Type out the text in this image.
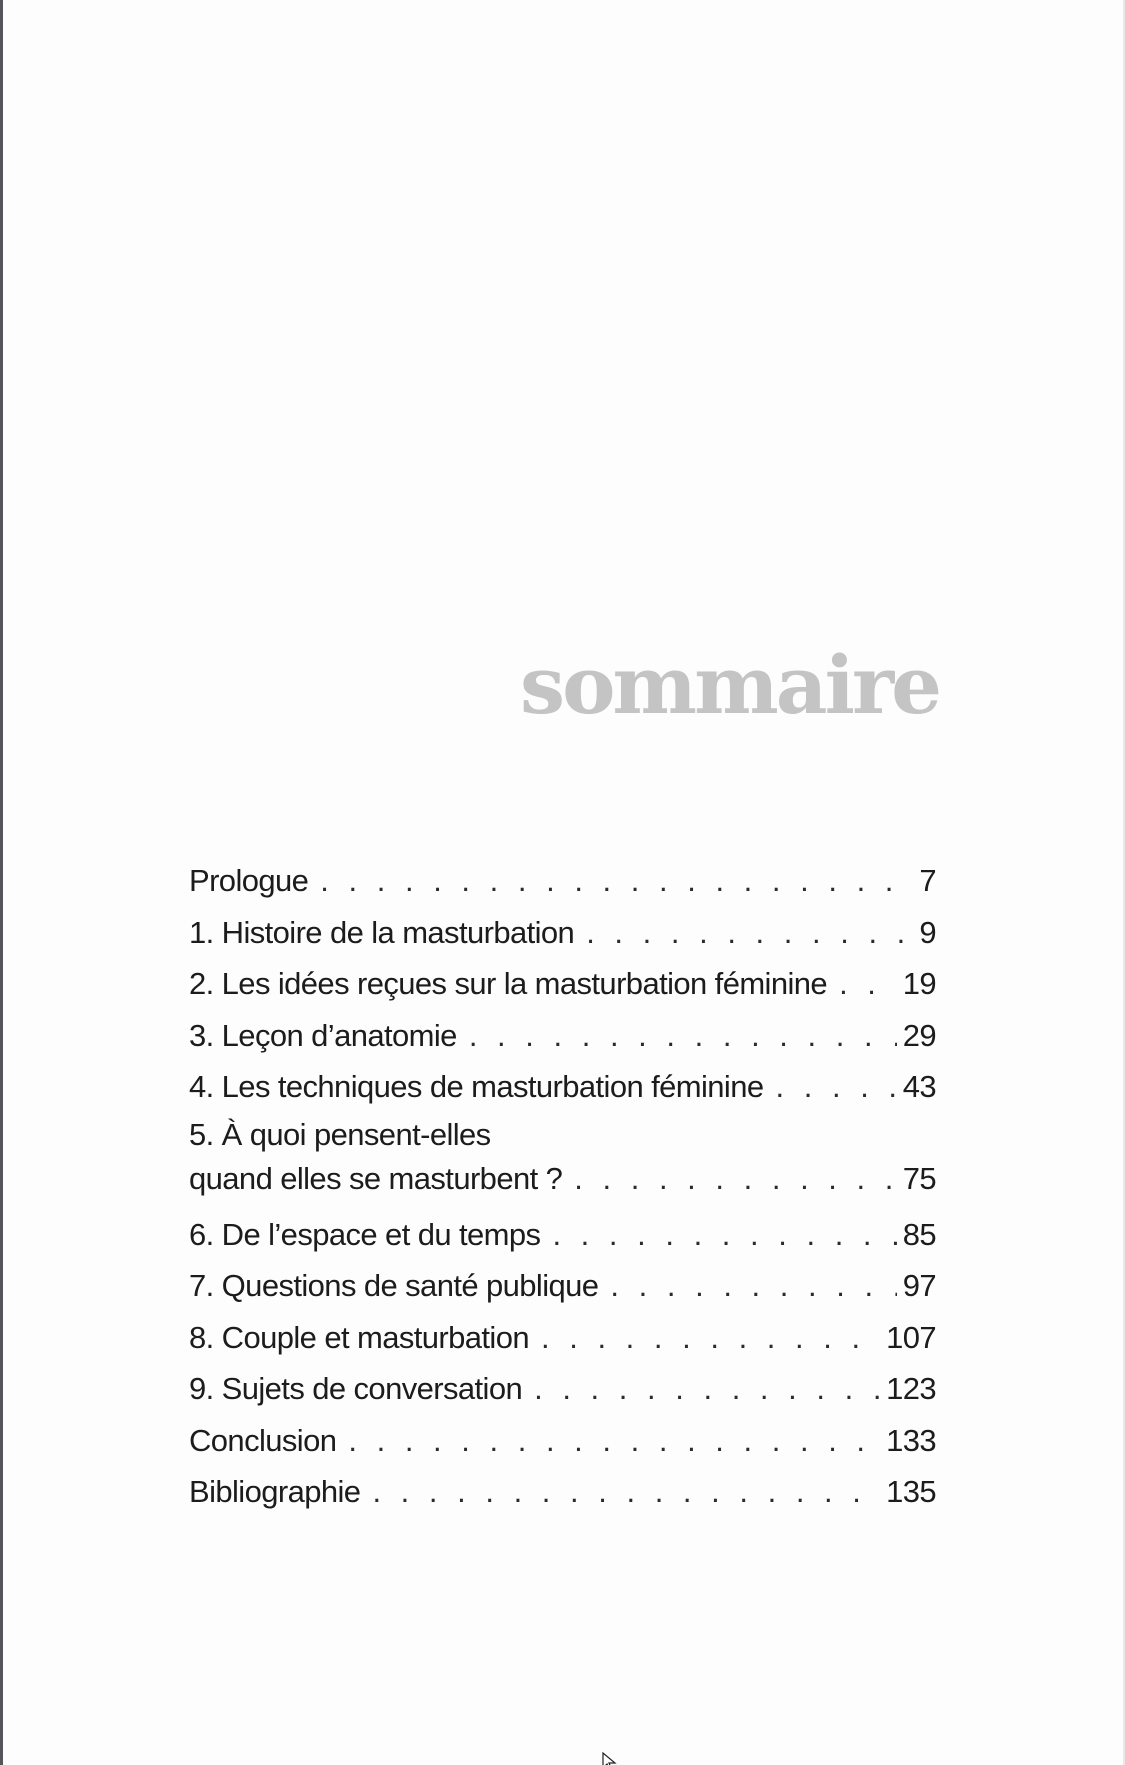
sommaire
Prologue . . .	7
1. Histoire de la masturbation . . .	9
2. Les idées reçues sur la masturbation féminine . . . 19
3. Leçon d’anatomie . . .	29
4. Les techniques de masturbation féminine . . .	43
5. À quoi pensent-elles
quand elles se masturbent ? . . .	75
6. De l’espace et du temps . . .	85
7. Questions de santé publique . . .	97
8. Couple et masturbation . . .	107
9. Sujets de conversation . . .	123
Conclusion . . .	133
Bibliographie . . .	135
